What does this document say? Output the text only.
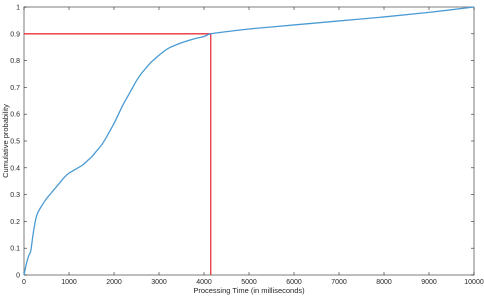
0	1000	2000	3000	4000	5000	6000	7000	8000	9000	10000
0
0.1
0.2
0.3
0.4
0.5
0.6
0.7
0.8
0.9
1
Processing Time (in milliseconds)
Cumulative probability
